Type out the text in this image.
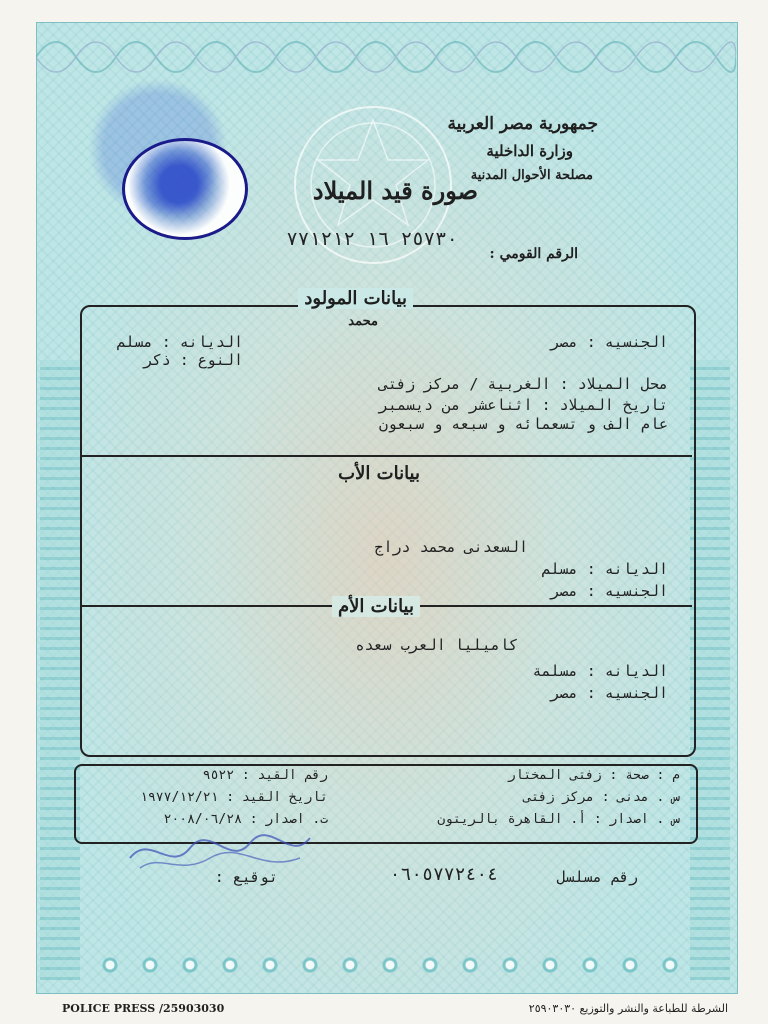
جمهورية مصر العربية
وزارة الداخلية
مصلحة الأحوال المدنية
صورة قيد الميلاد
الرقم القومي :
٢٥٧٣٠ ١٦ ٧٧١٢١٢
بيانات المولود
محمد
الجنسيه : مصر
الديانه : مسلم
النوع : ذكر
محل الميلاد : الغربية / مركز زفتى
تاريخ الميلاد : اثناعشر من ديسمبر
عام الف و تسعمائه و سبعه و سبعون
بيانات الأب
السعدنى محمد دراج
الديانه : مسلم
الجنسيه : مصر
بيانات الأم
كاميليا العرب سعده
الديانه : مسلمة
الجنسيه : مصر
م : صحة : زفتى المختار
رقم القيد : ٩٥٢٢
س . مدنى : مركز زفتى
تاريخ القيد : ١٩٧٧/١٢/٢١
س . اصدار : أ. القاهرة بالريتون
ت. اصدار : ٢٠٠٨/٠٦/٢٨
رقم مسلسل
٠٦٠٥٧٧٢٤٠٤
توقيع :
POLICE PRESS /25903030	الشرطة للطباعة والنشر والتوزيع ٢٥٩٠٣٠٣٠
